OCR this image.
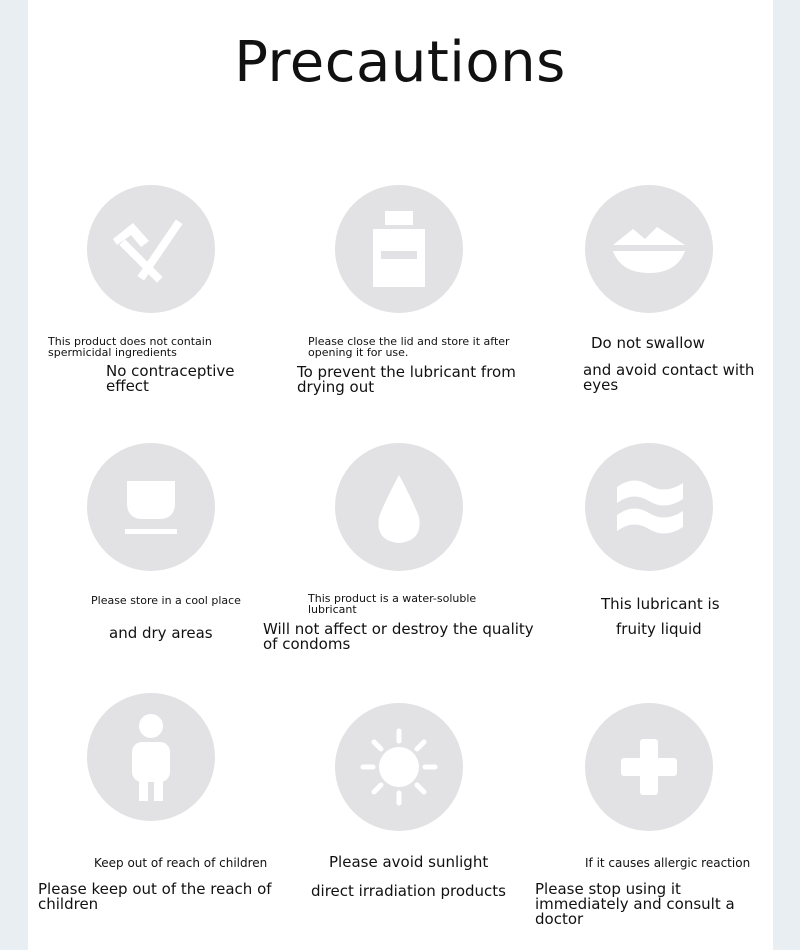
Precautions
This product does not contain spermicidal ingredients
No contraceptive effect
Please close the lid and store it after opening it for use.
To prevent the lubricant from drying out
Do not swallow
and avoid contact with eyes
Please store in a cool place
and dry areas
This product is a water-soluble lubricant
Will not affect or destroy the quality of condoms
This lubricant is
fruity liquid
Keep out of reach of children
Please keep out of the reach of children
Please avoid sunlight
direct irradiation products
If it causes allergic reaction
Please stop using it immediately and consult a doctor
